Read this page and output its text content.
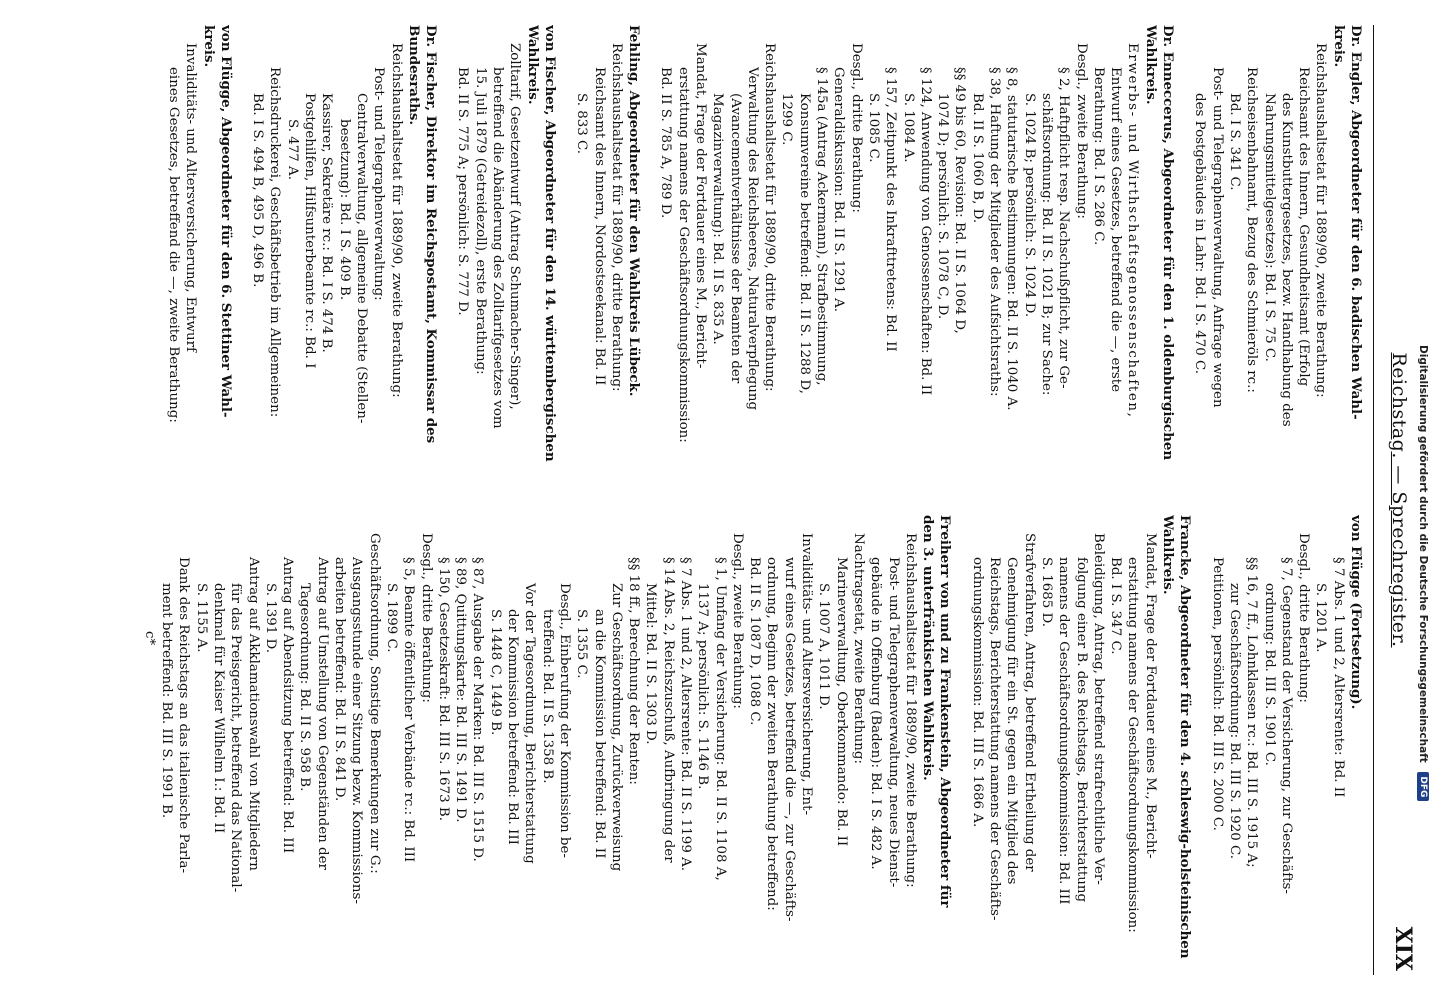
Reichstag. — Sprechregister.
XIX
Dr. Engler, Abgeordneter für den 6. badischen Wahl-
kreis.
Reichshaushaltsetat für 1889/90, zweite Berathung:
Reichsamt des Innern, Gesundheitsamt (Erfolg
des Kunstbuttergesetzes, bezw. Handhabung des
Nahrungsmittelgesetzes): Bd. I S. 75 C.
Reichseisenbahnamt, Bezug des Schmieröls rc.:
Bd. I S. 341 C.
Post- und Telegraphenverwaltung, Anfrage wegen
des Postgebäudes in Lahr: Bd. I S. 470 C.
Dr. Enneccerus, Abgeordneter für den 1. oldenburgischen
Wahlkreis.
Erwerbs- und Wirthschaftsgenossenschaften,
Entwurf eines Gesetzes, betreffend die —, erste
Berathung: Bd. I S. 286 C.
Desgl., zweite Berathung:
§ 2, Haftpflicht resp. Nachschußpflicht, zur Ge-
schäftsordnung: Bd. II S. 1021 B; zur Sache:
S. 1024 B; persönlich: S. 1024 D.
§ 8, statutarische Bestimmungen: Bd. II S. 1040 A.
§ 38, Haftung der Mitglieder des Aufsichtsraths:
Bd. II S. 1060 B, D.
§§ 49 bis 60, Revision: Bd. II S. 1064 D,
1074 D; persönlich: S. 1078 C, D.
§ 124, Anwendung von Genossenschaften: Bd. II
S. 1084 A.
§ 157, Zeitpunkt des Inkrafttretens: Bd. II
S. 1085 C.
Desgl., dritte Berathung:
Generaldiskussion: Bd. II S. 1291 A.
§ 145a (Antrag Ackermann), Strafbestimmung,
Konsumvereine betreffend: Bd. II S. 1288 D,
1299 C.
Reichshaushaltsetat für 1889/90, dritte Berathung:
Verwaltung des Reichsheeres, Naturalverpflegung
(Avancementverhältnisse der Beamten der
Magazinverwaltung): Bd. II S. 835 A.
Mandat, Frage der Fortdauer eines M., Bericht-
erstattung namens der Geschäftsordnungskommission:
Bd. II S. 785 A, 789 D.
Fehling, Abgeordneter für den Wahlkreis Lübeck.
Reichshaushaltsetat für 1889/90, dritte Berathung:
Reichsamt des Innern, Nordostseekanal: Bd. II
S. 833 C.
von Fischer, Abgeordneter für den 14. württembergischen
Wahlkreis.
Zolltarif, Gesetzentwurf (Antrag Schumacher-Singer),
betreffend die Abänderung des Zolltarifgesetzes vom
15. Juli 1879 (Getreidezoll), erste Berathung:
Bd. II S. 775 A; persönlich: S. 777 D.
Dr. Fischer, Direktor im Reichspostamt, Kommissar des
Bundesraths.
Reichshaushaltsetat für 1889/90, zweite Berathung:
Post- und Telegraphenverwaltung:
Centralverwaltung, allgemeine Debatte (Stellen-
besetzung): Bd. I S. 409 B.
Kassirer, Sekretäre rc.: Bd. I S. 474 B.
Postgehilfen, Hilfsunterbeamte rc.: Bd. I
S. 477 A.
Reichsdruckerei, Geschäftsbetrieb im Allgemeinen:
Bd. I S. 494 B, 495 D, 496 B.
von Flügge, Abgeordneter für den 6. Stettiner Wahl-
kreis.
Invaliditäts- und Altersversicherung, Entwurf
eines Gesetzes, betreffend die —, zweite Berathung:
von Flügge (Fortsetzung).
§ 7 Abs. 1 und 2, Altersrente: Bd. II
S. 1201 A.
Desgl., dritte Berathung:
§ 7, Gegenstand der Versicherung, zur Geschäfts-
ordnung: Bd. III S. 1901 C.
§§ 16, 7 ff., Lohnklassen rc.: Bd. III S. 1915 A;
zur Geschäftsordnung: Bd. III S. 1920 C.
Petitionen, persönlich: Bd. III S. 2000 C.
Francke, Abgeordneter für den 4. schleswig-holsteinischen
Wahlkreis.
Mandat, Frage der Fortdauer eines M., Bericht-
erstattung namens der Geschäftsordnungskommission:
Bd. I S. 347 C.
Beleidigung, Antrag, betreffend strafrechtliche Ver-
folgung einer B. des Reichstags, Berichterstattung
namens der Geschäftsordnungskommission: Bd. III
S. 1685 D.
Strafverfahren, Antrag, betreffend Ertheilung der
Genehmigung für ein St. gegen ein Mitglied des
Reichstags, Berichterstattung namens der Geschäfts-
ordnungskommission: Bd. III S. 1686 A.
Freiherr von und zu Frankenstein, Abgeordneter für
den 3. unterfränkischen Wahlkreis.
Reichshaushaltsetat für 1889/90, zweite Berathung:
Post- und Telegraphenverwaltung, neues Dienst-
gebäude in Offenburg (Baden): Bd. I S. 482 A.
Nachtragsetat, zweite Berathung:
Marineverwaltung, Oberkommando: Bd. II
S. 1007 A, 1011 D.
Invaliditäts- und Altersversicherung, Ent-
wurf eines Gesetzes, betreffend die —, zur Geschäfts-
ordnung, Beginn der zweiten Berathung betreffend:
Bd. II S. 1087 D, 1088 C.
Desgl., zweite Berathung:
§ 1, Umfang der Versicherung: Bd. II S. 1108 A,
1137 A; persönlich: S. 1146 B.
§ 7 Abs. 1 und 2, Altersrente: Bd. II S. 1199 A.
§ 14 Abs. 2, Reichszuschuß, Aufbringung der
Mittel: Bd. II S. 1303 D.
§§ 18 ff., Berechnung der Renten:
Zur Geschäftsordnung, Zurückverweisung
an die Kommission betreffend: Bd. II
S. 1355 C.
Desgl., Einberufung der Kommission be-
treffend: Bd. II S. 1358 B.
Vor der Tagesordnung, Berichterstattung
der Kommission betreffend: Bd. III
S. 1448 C, 1449 B.
§ 87, Ausgabe der Marken: Bd. III S. 1515 D.
§ 89, Quittungskarte: Bd. III S. 1491 D.
§ 150, Gesetzeskraft: Bd. III S. 1673 B.
Desgl., dritte Berathung:
§ 5, Beamte öffentlicher Verbände rc.: Bd. III
S. 1899 C.
Geschäftsordnung, Sonstige Bemerkungen zur G.:
Ausgangsstunde einer Sitzung bezw. Kommissions-
arbeiten betreffend: Bd. II S. 841 D.
Antrag auf Umstellung von Gegenständen der
Tagesordnung: Bd. II S. 958 B.
Antrag auf Abendsitzung betreffend: Bd. III
S. 1391 D.
Antrag auf Akklamationswahl von Mitgliedern
für das Preisgericht, betreffend das National-
denkmal für Kaiser Wilhelm I.: Bd. II
S. 1155 A.
Dank des Reichstags an das italienische Parla-
ment betreffend: Bd. III S. 1991 B.
c*	Digitalisierung gefördert durch die Deutsche Forschungsgemeinschaft DFG
